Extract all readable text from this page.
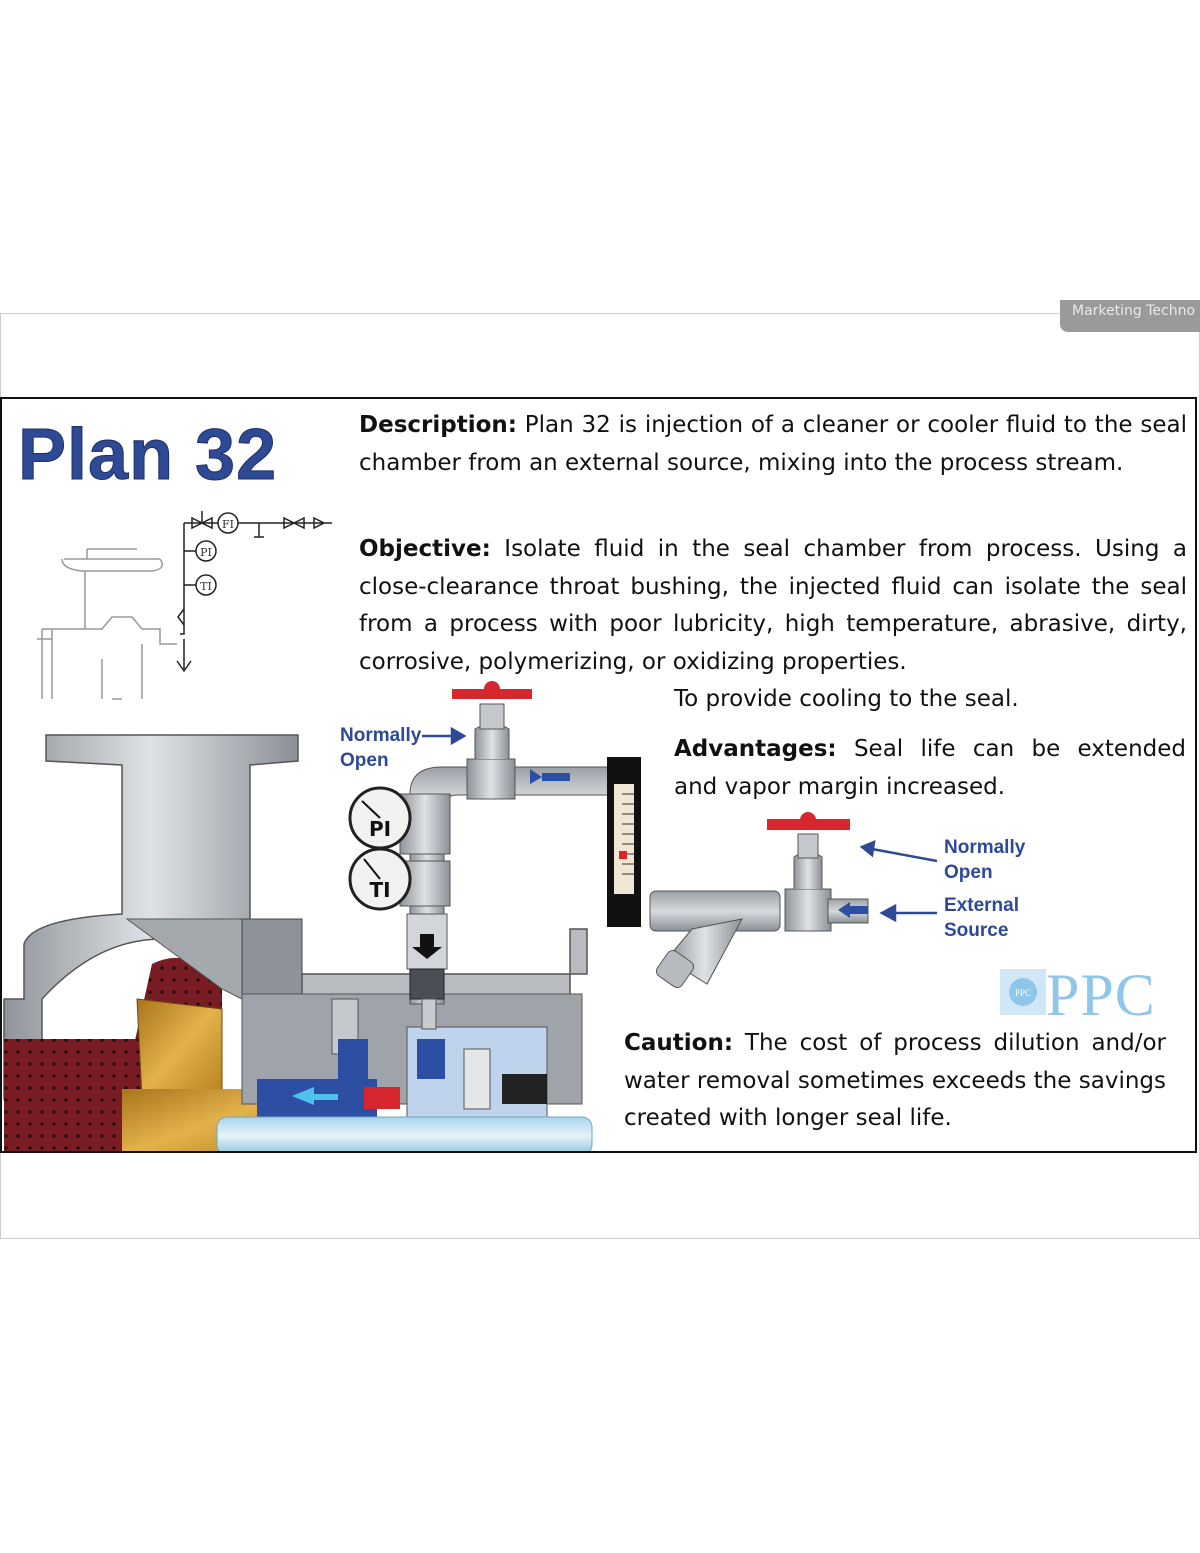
Marketing Techno
Plan 32	Description: Plan 32 is injection of a cleaner or cooler fluid to the seal chamber from an external source, mixing into the process stream.
Objective: Isolate fluid in the seal chamber from process. Using a close-clearance throat bushing, the injected fluid can isolate the seal from a process with poor lubricity, high temperature, abrasive, dirty, corrosive, polymerizing, or oxidizing properties.
To provide cooling to the seal.
Advantages: Seal life can be extended and vapor margin increased.
Caution: The cost of process dilution and/or water removal sometimes exceeds the savings created with longer seal life.
FI
PI
TI
PI
TI
PPC
Normally
Open
Normally
Open
External
Source
PPC
